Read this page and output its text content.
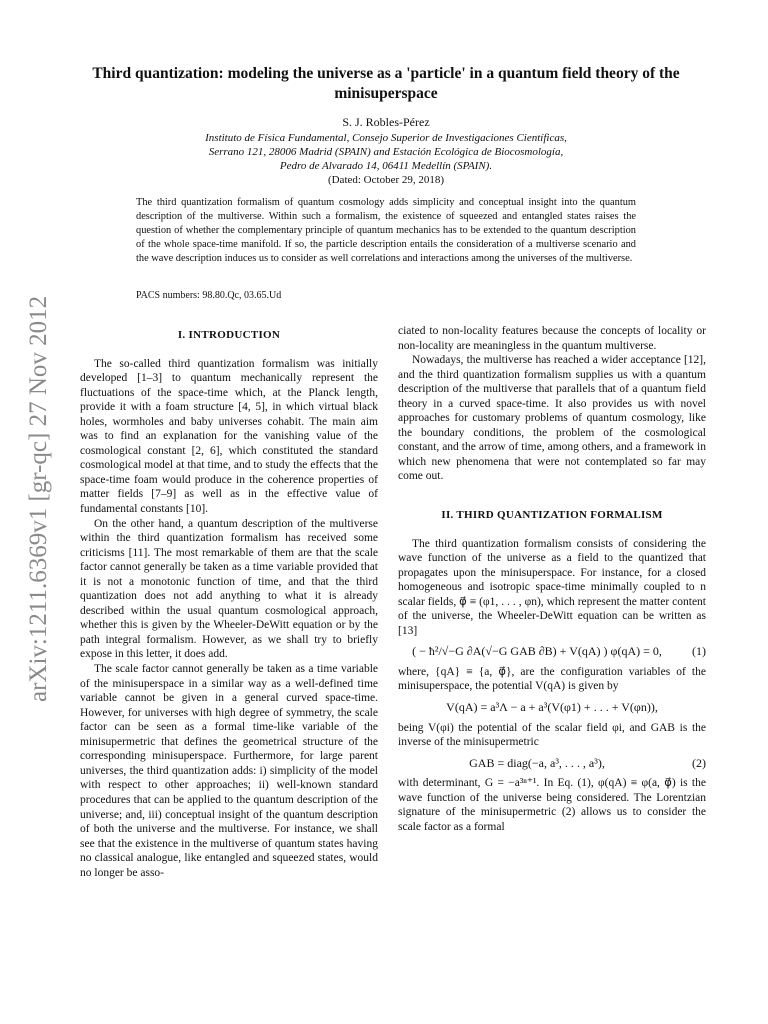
arXiv:1211.6369v1 [gr-qc] 27 Nov 2012
Third quantization: modeling the universe as a 'particle' in a quantum field theory of the minisuperspace
S. J. Robles-Pérez
Instituto de Física Fundamental, Consejo Superior de Investigaciones Científicas,
Serrano 121, 28006 Madrid (SPAIN) and Estación Ecológica de Biocosmología,
Pedro de Alvarado 14, 06411 Medellín (SPAIN).
(Dated: October 29, 2018)
The third quantization formalism of quantum cosmology adds simplicity and conceptual insight into the quantum description of the multiverse. Within such a formalism, the existence of squeezed and entangled states raises the question of whether the complementary principle of quantum mechanics has to be extended to the quantum description of the whole space-time manifold. If so, the particle description entails the consideration of a multiverse scenario and the wave description induces us to consider as well correlations and interactions among the universes of the multiverse.
PACS numbers: 98.80.Qc, 03.65.Ud
I. INTRODUCTION

The so-called third quantization formalism was initially developed [1–3] to quantum mechanically represent the fluctuations of the space-time which, at the Planck length, provide it with a foam structure [4, 5], in which virtual black holes, wormholes and baby universes cohabit. The main aim was to find an explanation for the vanishing value of the cosmological constant [2, 6], which constituted the standard cosmological model at that time, and to study the effects that the space-time foam would produce in the coherence properties of matter fields [7–9] as well as in the effective value of fundamental constants [10].

On the other hand, a quantum description of the multiverse within the third quantization formalism has received some criticisms [11]. The most remarkable of them are that the scale factor cannot generally be taken as a time variable provided that it is not a monotonic function of time, and that the third quantization does not add anything to what it is already described within the usual quantum cosmological approach, whether this is given by the Wheeler-DeWitt equation or by the path integral formalism. However, as we shall try to briefly expose in this letter, it does add.

The scale factor cannot generally be taken as a time variable of the minisuperspace in a similar way as a well-defined time variable cannot be given in a general curved space-time. However, for universes with high degree of symmetry, the scale factor can be seen as a formal time-like variable of the minisupermetric that defines the geometrical structure of the corresponding minisuperspace. Furthermore, for large parent universes, the third quantization adds: i) simplicity of the model with respect to other approaches; ii) well-known standard procedures that can be applied to the quantum description of the universe; and, iii) conceptual insight of the quantum description of both the universe and the multiverse. For instance, we shall see that the existence in the multiverse of quantum states having no classical analogue, like entangled and squeezed states, would no longer be asso-

ciated to non-locality features because the concepts of locality or non-locality are meaningless in the quantum multiverse.

Nowadays, the multiverse has reached a wider acceptance [12], and the third quantization formalism supplies us with a quantum description of the multiverse that parallels that of a quantum field theory in a curved space-time. It also provides us with novel approaches for customary problems of quantum cosmology, like the boundary conditions, the problem of the cosmological constant, and the arrow of time, among others, and a framework in which new phenomena that were not contemplated so far may come out.

II. THIRD QUANTIZATION FORMALISM

The third quantization formalism consists of considering the wave function of the universe as a field to the quantized that propagates upon the minisuperspace. For instance, for a closed homogeneous and isotropic space-time minimally coupled to n scalar fields, φ⃗ ≡ (φ1, . . . , φn), which represent the matter content of the universe, the Wheeler-DeWitt equation can be written as [13]

( − ħ²/√−G ∂A(√−G GAB ∂B) + V(qA) ) φ(qA) = 0,	(1)

where, {qA} ≡ {a, φ⃗}, are the configuration variables of the minisuperspace, the potential V(qA) is given by

V(qA) = a³Λ − a + a³(V(φ1) + . . . + V(φn)),

being V(φi) the potential of the scalar field φi, and GAB is the inverse of the minisupermetric

GAB = diag(−a, a³, . . . , a³),	(2)

with determinant, G = −a³ⁿ⁺¹. In Eq. (1), φ(qA) ≡ φ(a, φ⃗) is the wave function of the universe being considered. The Lorentzian signature of the minisupermetric (2) allows us to consider the scale factor as a formal
